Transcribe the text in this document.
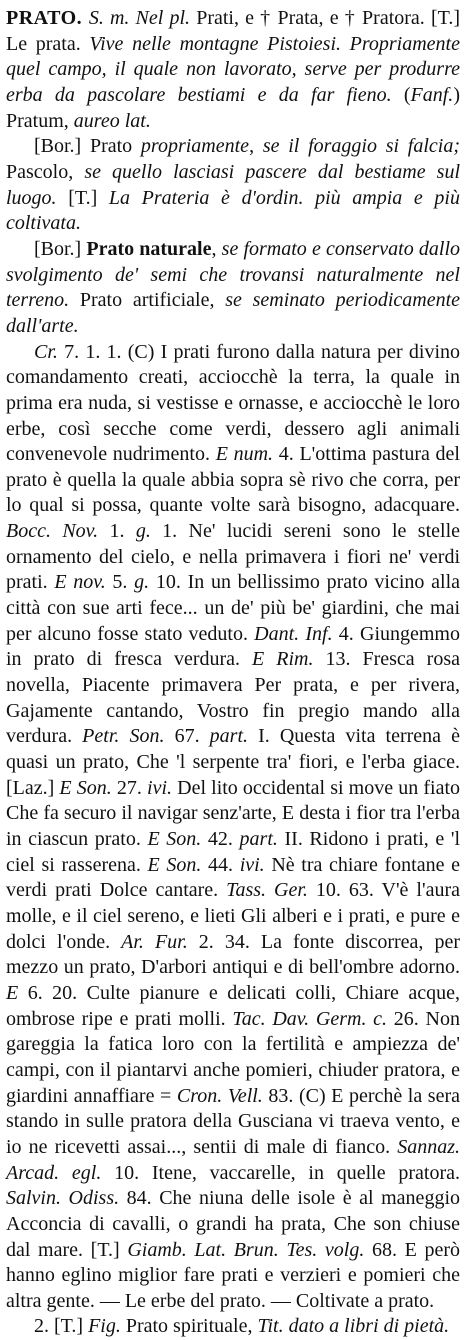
PRATO. S. m. Nel pl. Prati, e † Prata, e † Pratora. [T.] Le prata. Vive nelle montagne Pistoiesi. Propriamente quel campo, il quale non lavorato, serve per produrre erba da pascolare bestiami e da far fieno. (Fanf.) Pratum, aureo lat.

[Bor.] Prato propriamente, se il foraggio si falcia; Pascolo, se quello lasciasi pascere dal bestiame sul luogo. [T.] La Prateria è d'ordin. più ampia e più coltivata.

[Bor.] Prato naturale, se formato e conservato dallo svolgimento de' semi che trovansi naturalmente nel terreno. Prato artificiale, se seminato periodicamente dall'arte.

Cr. 7. 1. 1. (C) I prati furono dalla natura per divino comandamento creati, acciocchè la terra, la quale in prima era nuda, si vestisse e ornasse, e acciocchè le loro erbe, così secche come verdi, dessero agli animali convenevole nudrimento. E num. 4. L'ottima pastura del prato è quella la quale abbia sopra sè rivo che corra, per lo qual si possa, quante volte sarà bisogno, adacquare. Bocc. Nov. 1. g. 1. Ne' lucidi sereni sono le stelle ornamento del cielo, e nella primavera i fiori ne' verdi prati. E nov. 5. g. 10. In un bellissimo prato vicino alla città con sue arti fece... un de' più be' giardini, che mai per alcuno fosse stato veduto. Dant. Inf. 4. Giungemmo in prato di fresca verdura. E Rim. 13. Fresca rosa novella, Piacente primavera Per prata, e per rivera, Gajamente cantando, Vostro fin pregio mando alla verdura. Petr. Son. 67. part. I. Questa vita terrena è quasi un prato, Che 'l serpente tra' fiori, e l'erba giace. [Laz.] E Son. 27. ivi. Del lito occidental si move un fiato Che fa securo il navigar senz'arte, E desta i fior tra l'erba in ciascun prato. E Son. 42. part. II. Ridono i prati, e 'l ciel si rasserena. E Son. 44. ivi. Nè tra chiare fontane e verdi prati Dolce cantare. Tass. Ger. 10. 63. V'è l'aura molle, e il ciel sereno, e lieti Gli alberi e i prati, e pure e dolci l'onde. Ar. Fur. 2. 34. La fonte discorrea, per mezzo un prato, D'arbori antiqui e di bell'ombre adorno. E 6. 20. Culte pianure e delicati colli, Chiare acque, ombrose ripe e prati molli. Tac. Dav. Germ. c. 26. Non gareggia la fatica loro con la fertilità e ampiezza de' campi, con il piantarvi anche pomieri, chiuder pratora, e giardini annaffiare = Cron. Vell. 83. (C) E perchè la sera stando in sulle pratora della Gusciana vi traeva vento, e io ne ricevetti assai..., sentii di male di fianco. Sannaz. Arcad. egl. 10. Itene, vaccarelle, in quelle pratora. Salvin. Odiss. 84. Che niuna delle isole è al maneggio Acconcia di cavalli, o grandi ha prata, Che son chiuse dal mare. [T.] Giamb. Lat. Brun. Tes. volg. 68. E però hanno eglino miglior fare prati e verzieri e pomieri che altra gente. — Le erbe del prato. — Coltivate a prato.

2. [T.] Fig. Prato spirituale, Tit. dato a libri di pietà.
